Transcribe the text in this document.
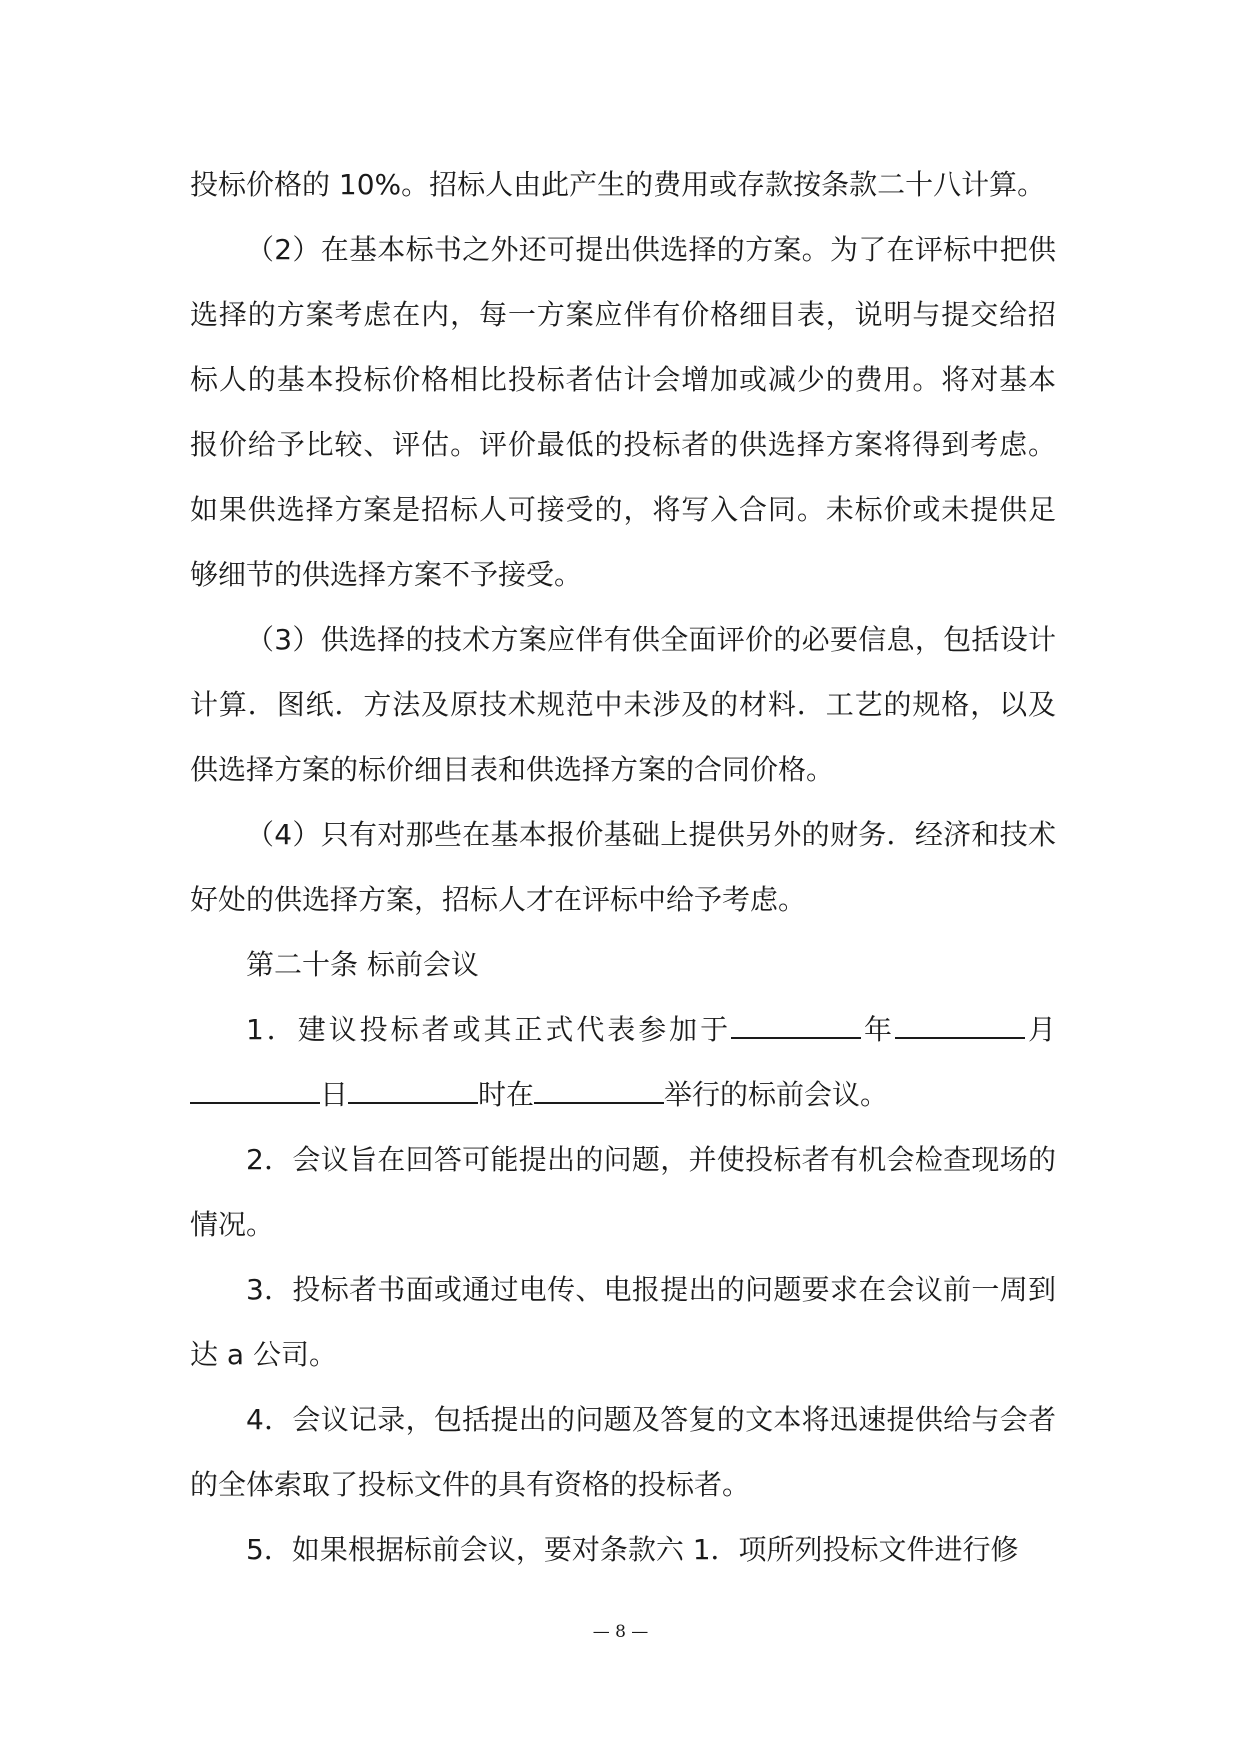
投标价格的 10%。招标人由此产生的费用或存款按条款二十八计算。

（2）在基本标书之外还可提出供选择的方案。为了在评标中把供选择的方案考虑在内，每一方案应伴有价格细目表，说明与提交给招标人的基本投标价格相比投标者估计会增加或减少的费用。将对基本报价给予比较、评估。评价最低的投标者的供选择方案将得到考虑。如果供选择方案是招标人可接受的，将写入合同。未标价或未提供足够细节的供选择方案不予接受。

（3）供选择的技术方案应伴有供全面评价的必要信息，包括设计计算．图纸．方法及原技术规范中未涉及的材料．工艺的规格，以及供选择方案的标价细目表和供选择方案的合同价格。

（4）只有对那些在基本报价基础上提供另外的财务．经济和技术好处的供选择方案，招标人才在评标中给予考虑。

第二十条 标前会议

1．建议投标者或其正式代表参加于	年	月日	时在	举行的标前会议。

2．会议旨在回答可能提出的问题，并使投标者有机会检查现场的情况。

3．投标者书面或通过电传、电报提出的问题要求在会议前一周到达 a 公司。

4．会议记录，包括提出的问题及答复的文本将迅速提供给与会者的全体索取了投标文件的具有资格的投标者。

5．如果根据标前会议，要对条款六 1．项所列投标文件进行修

— 8 —
